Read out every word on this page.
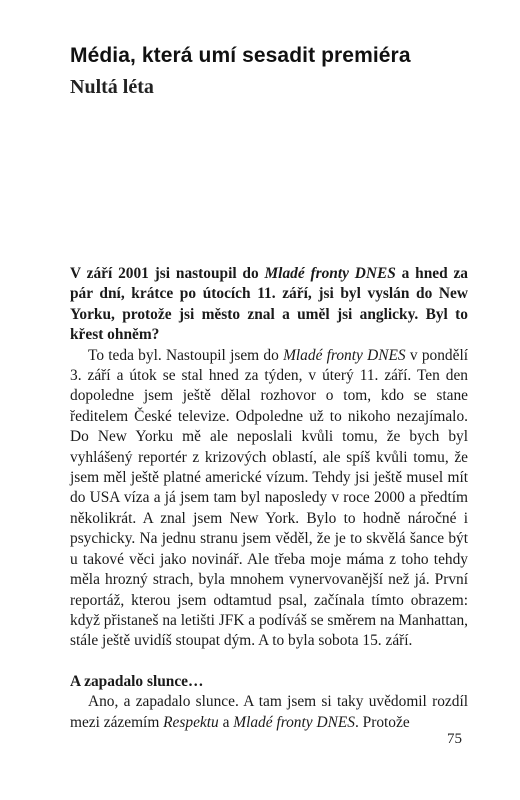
Média, která umí sesadit premiéra
Nultá léta

V září 2001 jsi nastoupil do Mladé fronty DNES a hned za pár dní, krátce po útocích 11. září, jsi byl vyslán do New Yorku, protože jsi město znal a uměl jsi anglicky. Byl to křest ohněm?

To teda byl. Nastoupil jsem do Mladé fronty DNES v pondělí 3. září a útok se stal hned za týden, v úterý 11. září. Ten den dopoledne jsem ještě dělal rozhovor o tom, kdo se stane ředitelem České televize. Odpoledne už to nikoho nezajímalo. Do New Yorku mě ale neposlali kvůli tomu, že bych byl vyhlášený reportér z krizových oblastí, ale spíš kvůli tomu, že jsem měl ještě platné americké vízum. Tehdy jsi ještě musel mít do USA víza a já jsem tam byl naposledy v roce 2000 a předtím několikrát. A znal jsem New York. Bylo to hodně náročné i psychicky. Na jednu stranu jsem věděl, že je to skvělá šance být u takové věci jako novinář. Ale třeba moje máma z toho tehdy měla hrozný strach, byla mnohem vynervovanější než já. První reportáž, kterou jsem odtamtud psal, začínala tímto obrazem: když přistaneš na letišti JFK a podíváš se směrem na Manhattan, stále ještě uvidíš stoupat dým. A to byla sobota 15. září.

A zapadalo slunce…

Ano, a zapadalo slunce. A tam jsem si taky uvědomil rozdíl mezi zázemím Respektu a Mladé fronty DNES. Protože

75
